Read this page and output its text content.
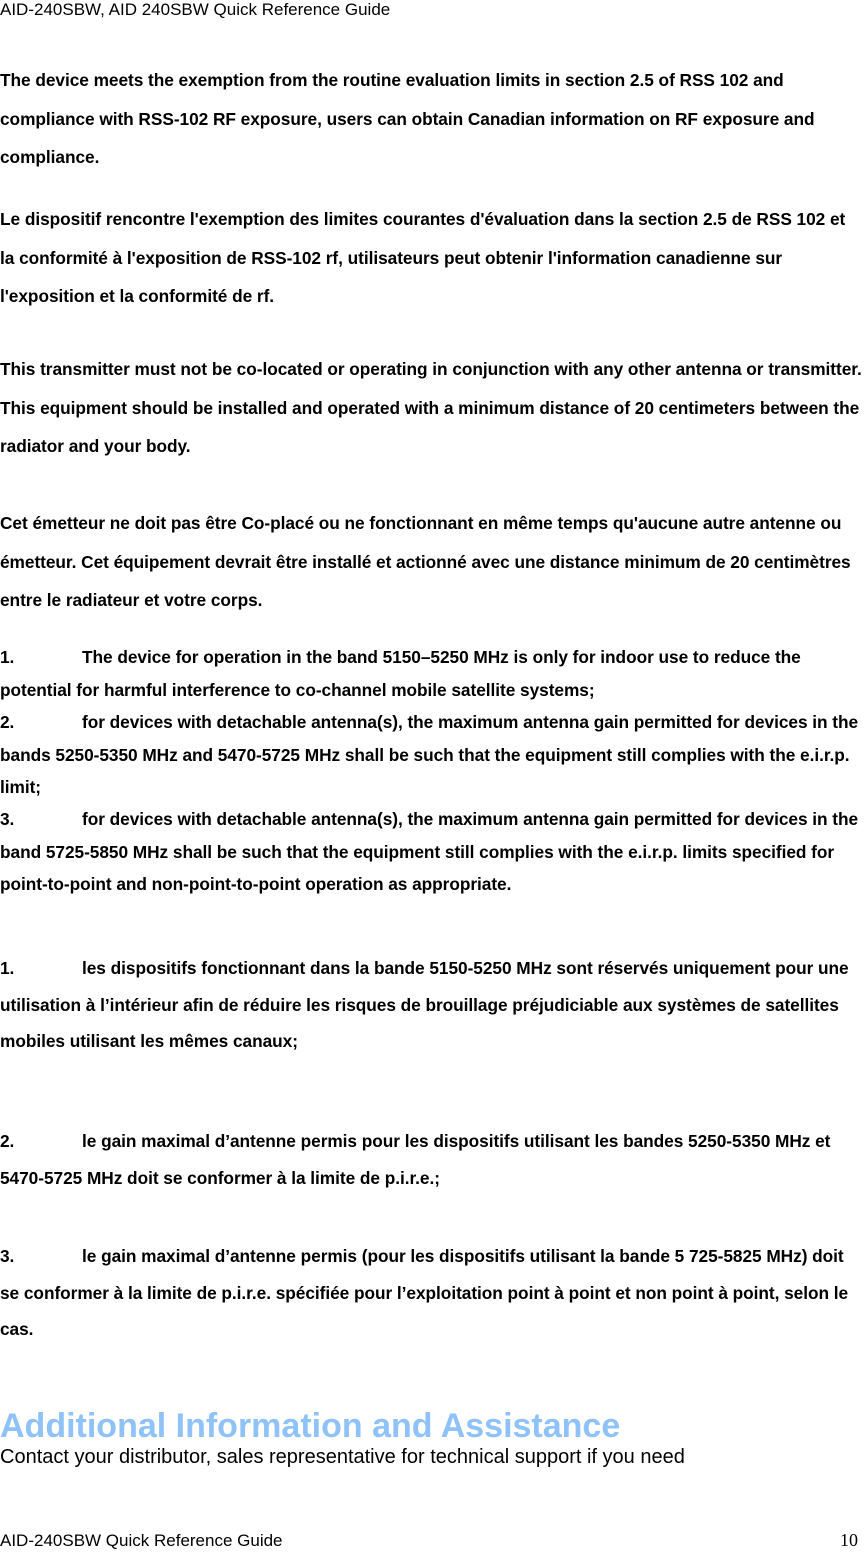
AID-240SBW, AID 240SBW Quick Reference Guide

The device meets the exemption from the routine evaluation limits in section 2.5 of RSS 102 and compliance with RSS-102 RF exposure, users can obtain Canadian information on RF exposure and compliance.

Le dispositif rencontre l'exemption des limites courantes d'évaluation dans la section 2.5 de RSS 102 et la conformité à l'exposition de RSS-102 rf, utilisateurs peut obtenir l'information canadienne sur l'exposition et la conformité de rf.

This transmitter must not be co-located or operating in conjunction with any other antenna or transmitter. This equipment should be installed and operated with a minimum distance of 20 centimeters between the radiator and your body.

Cet émetteur ne doit pas être Co-placé ou ne fonctionnant en même temps qu'aucune autre antenne ou émetteur. Cet équipement devrait être installé et actionné avec une distance minimum de 20 centimètres entre le radiateur et votre corps.

1.	The device for operation in the band 5150–5250 MHz is only for indoor use to reduce the potential for harmful interference to co-channel mobile satellite systems;

2.	for devices with detachable antenna(s), the maximum antenna gain permitted for devices in the bands 5250-5350 MHz and 5470-5725 MHz shall be such that the equipment still complies with the e.i.r.p. limit;

3.	for devices with detachable antenna(s), the maximum antenna gain permitted for devices in the band 5725-5850 MHz shall be such that the equipment still complies with the e.i.r.p. limits specified for point-to-point and non-point-to-point operation as appropriate.

1.	les dispositifs fonctionnant dans la bande 5150-5250 MHz sont réservés uniquement pour une utilisation à l’intérieur afin de réduire les risques de brouillage préjudiciable aux systèmes de satellites mobiles utilisant les mêmes canaux;

2.	le gain maximal d’antenne permis pour les dispositifs utilisant les bandes 5250-5350 MHz et 5470-5725 MHz doit se conformer à la limite de p.i.r.e.;

3.	le gain maximal d’antenne permis (pour les dispositifs utilisant la bande 5 725-5825 MHz) doit se conformer à la limite de p.i.r.e. spécifiée pour l’exploitation point à point et non point à point, selon le cas.

Additional Information and Assistance
Contact your distributor, sales representative for technical support if you need
AID-240SBW Quick Reference Guide	10
